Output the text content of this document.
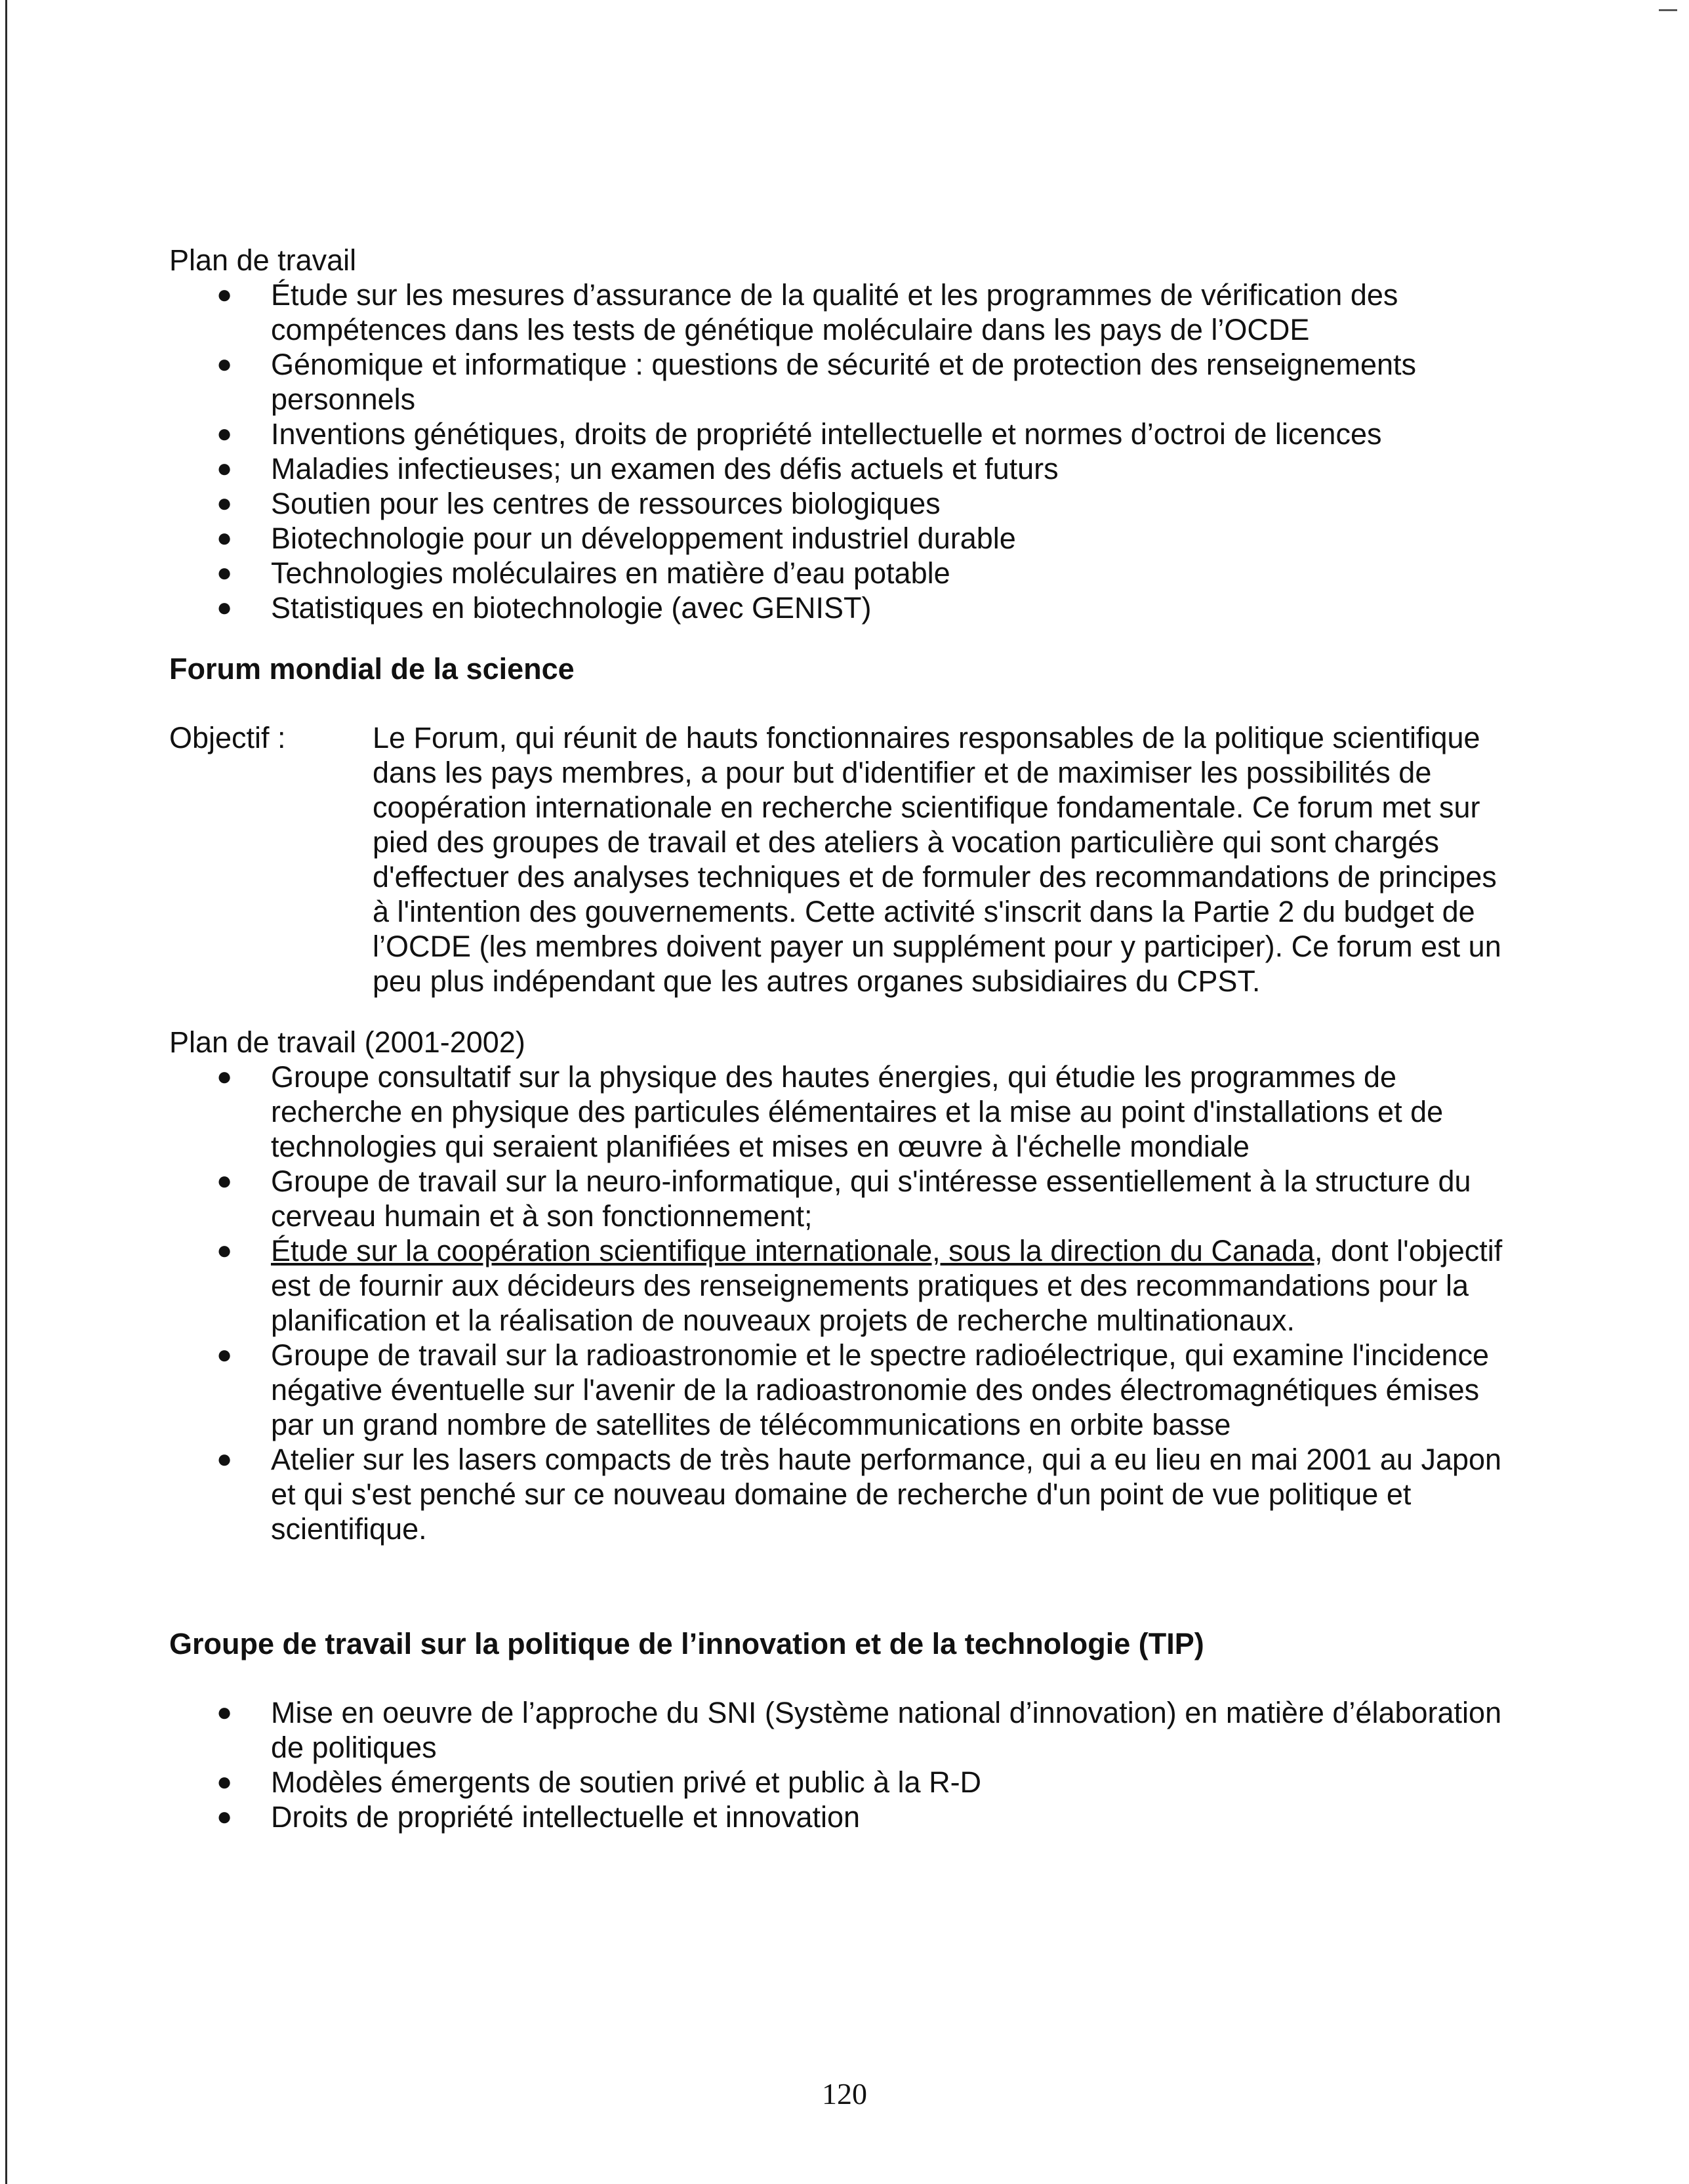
Plan de travail

● Étude sur les mesures d’assurance de la qualité et les programmes de vérification des compétences dans les tests de génétique moléculaire dans les pays de l’OCDE
● Génomique et informatique : questions de sécurité et de protection des renseignements personnels
● Inventions génétiques, droits de propriété intellectuelle et normes d’octroi de licences
● Maladies infectieuses; un examen des défis actuels et futurs
● Soutien pour les centres de ressources biologiques
● Biotechnologie pour un développement industriel durable
● Technologies moléculaires en matière d’eau potable
● Statistiques en biotechnologie (avec GENIST)

Forum mondial de la science

Objectif :	Le Forum, qui réunit de hauts fonctionnaires responsables de la politique scientifique dans les pays membres, a pour but d'identifier et de maximiser les possibilités de coopération internationale en recherche scientifique fondamentale. Ce forum met sur pied des groupes de travail et des ateliers à vocation particulière qui sont chargés d'effectuer des analyses techniques et de formuler des recommandations de principes à l'intention des gouvernements. Cette activité s'inscrit dans la Partie 2 du budget de l’OCDE (les membres doivent payer un supplément pour y participer). Ce forum est un peu plus indépendant que les autres organes subsidiaires du CPST.

Plan de travail (2001-2002)

● Groupe consultatif sur la physique des hautes énergies, qui étudie les programmes de recherche en physique des particules élémentaires et la mise au point d'installations et de technologies qui seraient planifiées et mises en œuvre à l'échelle mondiale
● Groupe de travail sur la neuro-informatique, qui s'intéresse essentiellement à la structure du cerveau humain et à son fonctionnement;
● Étude sur la coopération scientifique internationale, sous la direction du Canada, dont l'objectif est de fournir aux décideurs des renseignements pratiques et des recommandations pour la planification et la réalisation de nouveaux projets de recherche multinationaux.
● Groupe de travail sur la radioastronomie et le spectre radioélectrique, qui examine l'incidence négative éventuelle sur l'avenir de la radioastronomie des ondes électromagnétiques émises par un grand nombre de satellites de télécommunications en orbite basse
● Atelier sur les lasers compacts de très haute performance, qui a eu lieu en mai 2001 au Japon et qui s'est penché sur ce nouveau domaine de recherche d'un point de vue politique et scientifique.

Groupe de travail sur la politique de l’innovation et de la technologie (TIP)

● Mise en oeuvre de l’approche du SNI (Système national d’innovation) en matière d’élaboration de politiques
● Modèles émergents de soutien privé et public à la R-D
● Droits de propriété intellectuelle et innovation
120
